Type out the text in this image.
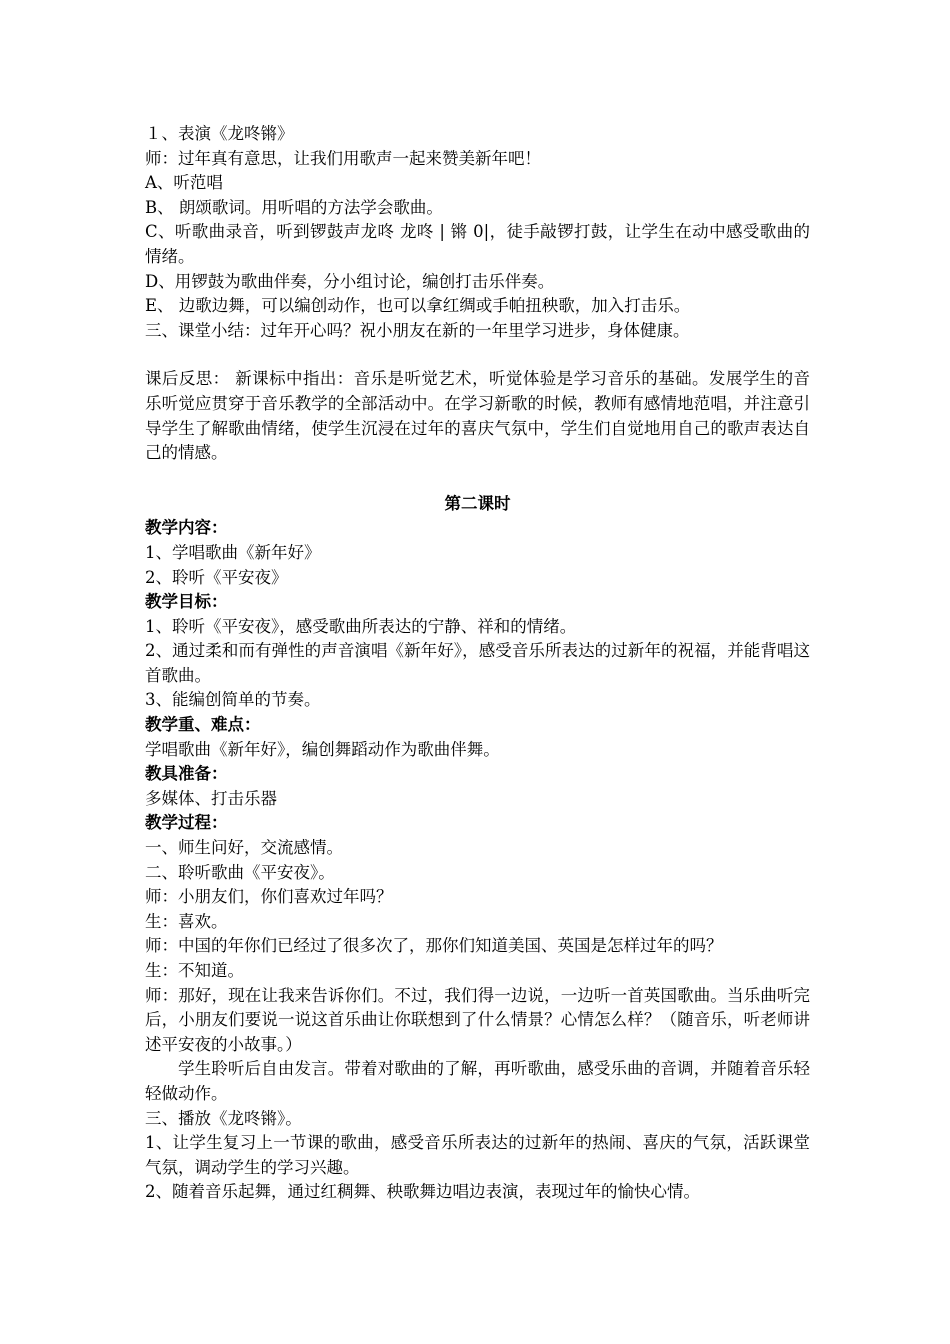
１、表演《龙咚锵》

师：过年真有意思，让我们用歌声一起来赞美新年吧！

A、听范唱

B、 朗颂歌词。用听唱的方法学会歌曲。

C、听歌曲录音，听到锣鼓声龙咚 龙咚 | 锵 0|，徒手敲锣打鼓，让学生在动中感受歌曲的情绪。

D、用锣鼓为歌曲伴奏，分小组讨论，编创打击乐伴奏。

E、 边歌边舞，可以编创动作，也可以拿红绸或手帕扭秧歌，加入打击乐。

三、课堂小结：过年开心吗？祝小朋友在新的一年里学习进步，身体健康。

课后反思： 新课标中指出：音乐是听觉艺术，听觉体验是学习音乐的基础。发展学生的音乐听觉应贯穿于音乐教学的全部活动中。在学习新歌的时候，教师有感情地范唱，并注意引导学生了解歌曲情绪，使学生沉浸在过年的喜庆气氛中，学生们自觉地用自己的歌声表达自己的情感。

第二课时

教学内容：

1、学唱歌曲《新年好》

2、聆听《平安夜》

教学目标：

1、聆听《平安夜》，感受歌曲所表达的宁静、祥和的情绪。

2、通过柔和而有弹性的声音演唱《新年好》，感受音乐所表达的过新年的祝福，并能背唱这首歌曲。

3、能编创简单的节奏。

教学重、难点：

学唱歌曲《新年好》，编创舞蹈动作为歌曲伴舞。

教具准备：

多媒体、打击乐器

教学过程：

一、师生问好，交流感情。

二、聆听歌曲《平安夜》。

师：小朋友们，你们喜欢过年吗？

生：喜欢。

师：中国的年你们已经过了很多次了，那你们知道美国、英国是怎样过年的吗？

生：不知道。

师：那好，现在让我来告诉你们。不过，我们得一边说，一边听一首英国歌曲。当乐曲听完后，小朋友们要说一说这首乐曲让你联想到了什么情景？心情怎么样？（随音乐，听老师讲述平安夜的小故事。）

学生聆听后自由发言。带着对歌曲的了解，再听歌曲，感受乐曲的音调，并随着音乐轻轻做动作。

三、播放《龙咚锵》。

1、让学生复习上一节课的歌曲，感受音乐所表达的过新年的热闹、喜庆的气氛，活跃课堂气氛，调动学生的学习兴趣。

2、随着音乐起舞，通过红稠舞、秧歌舞边唱边表演，表现过年的愉快心情。
